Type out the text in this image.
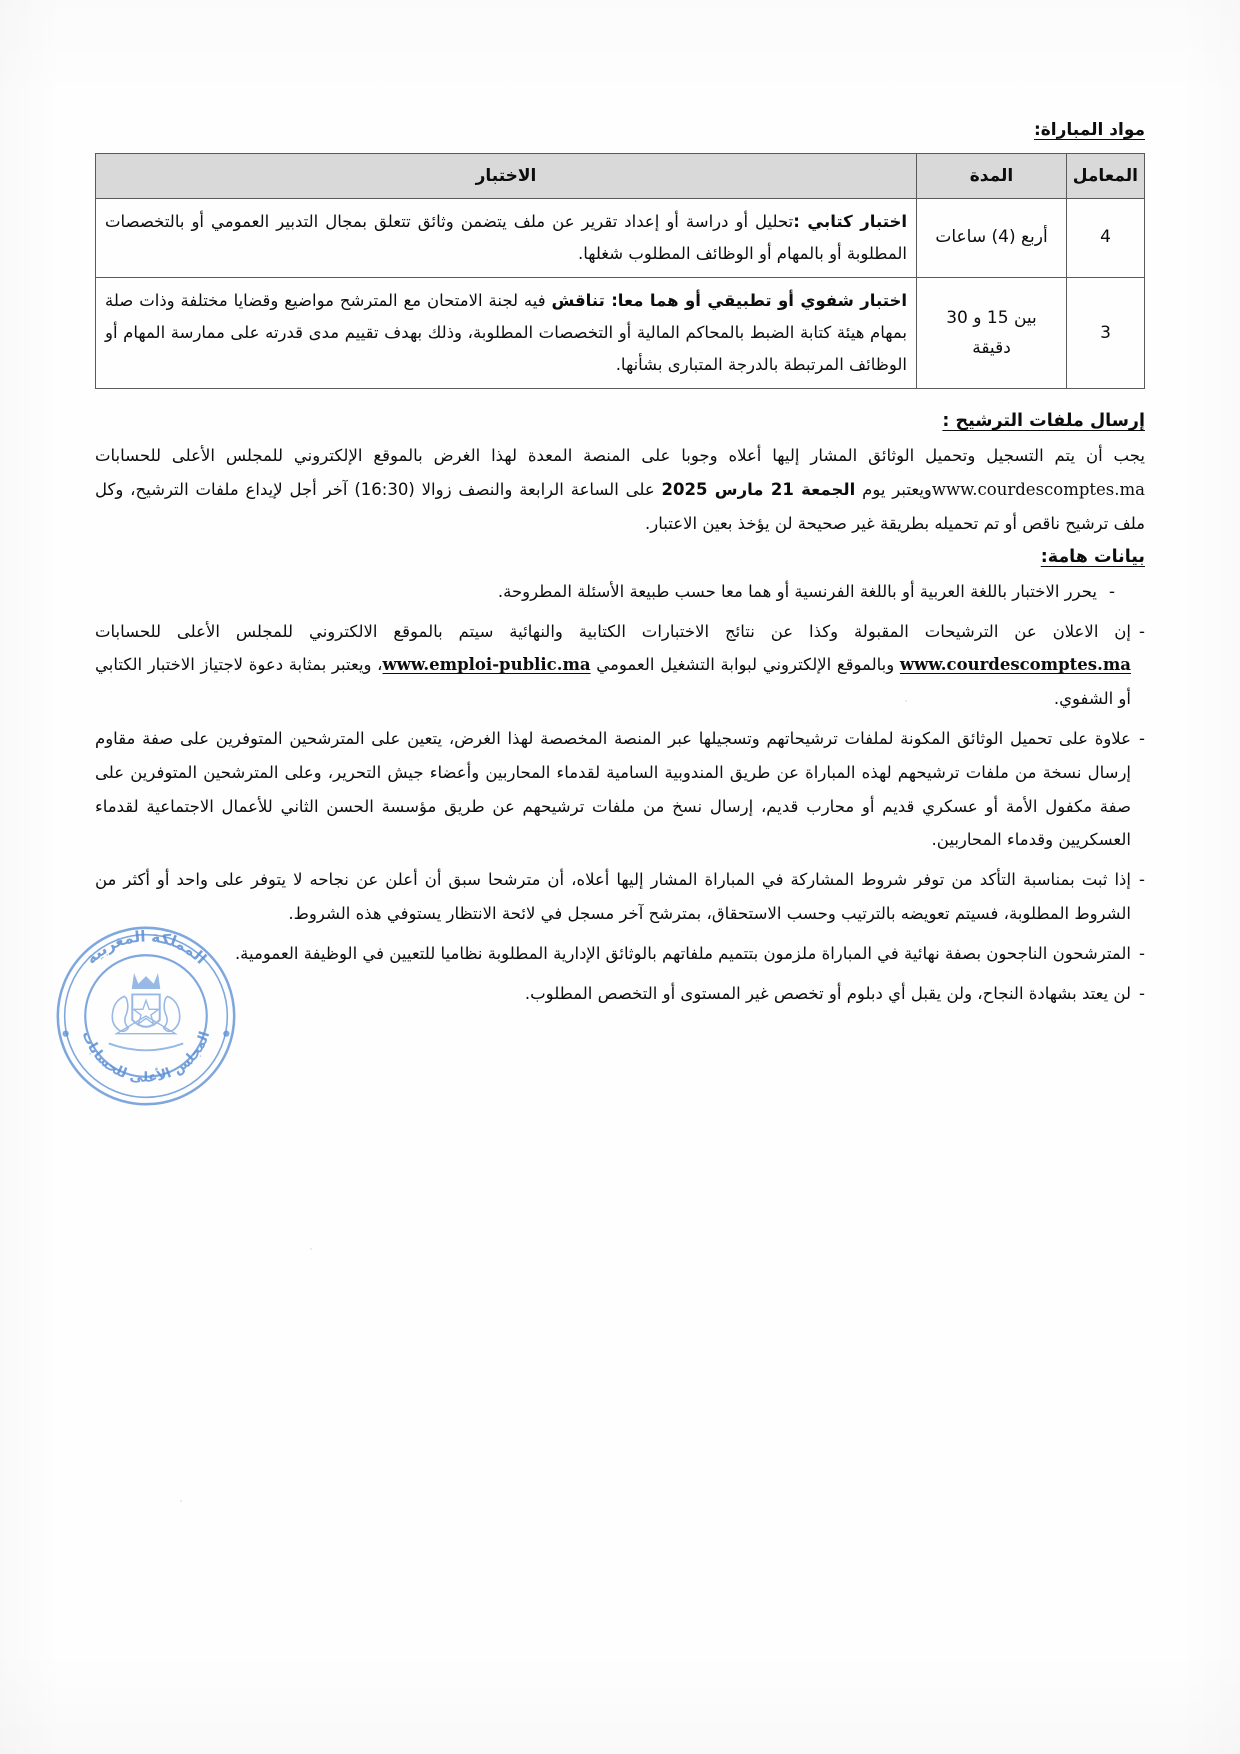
مواد المباراة:
المعامل	المدة	الاختبار
4	أربع (4) ساعات	اختبار كتابي :تحليل أو دراسة أو إعداد تقرير عن ملف يتضمن وثائق تتعلق بمجال التدبير العمومي أو بالتخصصات المطلوبة أو بالمهام أو الوظائف المطلوب شغلها.
3	بين 15 و 30 دقيقة	اختبار شفوي أو تطبيقي أو هما معا: تناقش فيه لجنة الامتحان مع المترشح مواضيع وقضايا مختلفة وذات صلة بمهام هيئة كتابة الضبط بالمحاكم المالية أو التخصصات المطلوبة، وذلك بهدف تقييم مدى قدرته على ممارسة المهام أو الوظائف المرتبطة بالدرجة المتبارى بشأنها.
إرسال ملفات الترشيح :

يجب أن يتم التسجيل وتحميل الوثائق المشار إليها أعلاه وجوبا على المنصة المعدة لهذا الغرض بالموقع الإلكتروني للمجلس الأعلى للحسابات www.courdescomptes.maويعتبر يوم الجمعة 21 مارس 2025 على الساعة الرابعة والنصف زوالا (16:30) آخر أجل لإيداع ملفات الترشيح، وكل ملف ترشيح ناقص أو تم تحميله بطريقة غير صحيحة لن يؤخذ بعين الاعتبار.

بيانات هامة:
- يحرر الاختبار باللغة العربية أو باللغة الفرنسية أو هما معا حسب طبيعة الأسئلة المطروحة.
- إن الاعلان عن الترشيحات المقبولة وكذا عن نتائج الاختبارات الكتابية والنهائية سيتم بالموقع الالكتروني للمجلس الأعلى للحسابات www.courdescomptes.ma وبالموقع الإلكتروني لبوابة التشغيل العمومي www.emploi-public.ma، ويعتبر بمثابة دعوة لاجتياز الاختبار الكتابي أو الشفوي.
- علاوة على تحميل الوثائق المكونة لملفات ترشيحاتهم وتسجيلها عبر المنصة المخصصة لهذا الغرض، يتعين على المترشحين المتوفرين على صفة مقاوم إرسال نسخة من ملفات ترشيحهم لهذه المباراة عن طريق المندوبية السامية لقدماء المحاربين وأعضاء جيش التحرير، وعلى المترشحين المتوفرين على صفة مكفول الأمة أو عسكري قديم أو محارب قديم، إرسال نسخ من ملفات ترشيحهم عن طريق مؤسسة الحسن الثاني للأعمال الاجتماعية لقدماء العسكريين وقدماء المحاربين.
- إذا ثبت بمناسبة التأكد من توفر شروط المشاركة في المباراة المشار إليها أعلاه، أن مترشحا سبق أن أعلن عن نجاحه لا يتوفر على واحد أو أكثر من الشروط المطلوبة، فسيتم تعويضه بالترتيب وحسب الاستحقاق، بمترشح آخر مسجل في لائحة الانتظار يستوفي هذه الشروط.
- المترشحون الناجحون بصفة نهائية في المباراة ملزمون بتتميم ملفاتهم بالوثائق الإدارية المطلوبة نظاميا للتعيين في الوظيفة العمومية.
- لن يعتد بشهادة النجاح، ولن يقبل أي دبلوم أو تخصص غير المستوى أو التخصص المطلوب.
المملكة المغربية
المجلس الأعلى للحسابات
